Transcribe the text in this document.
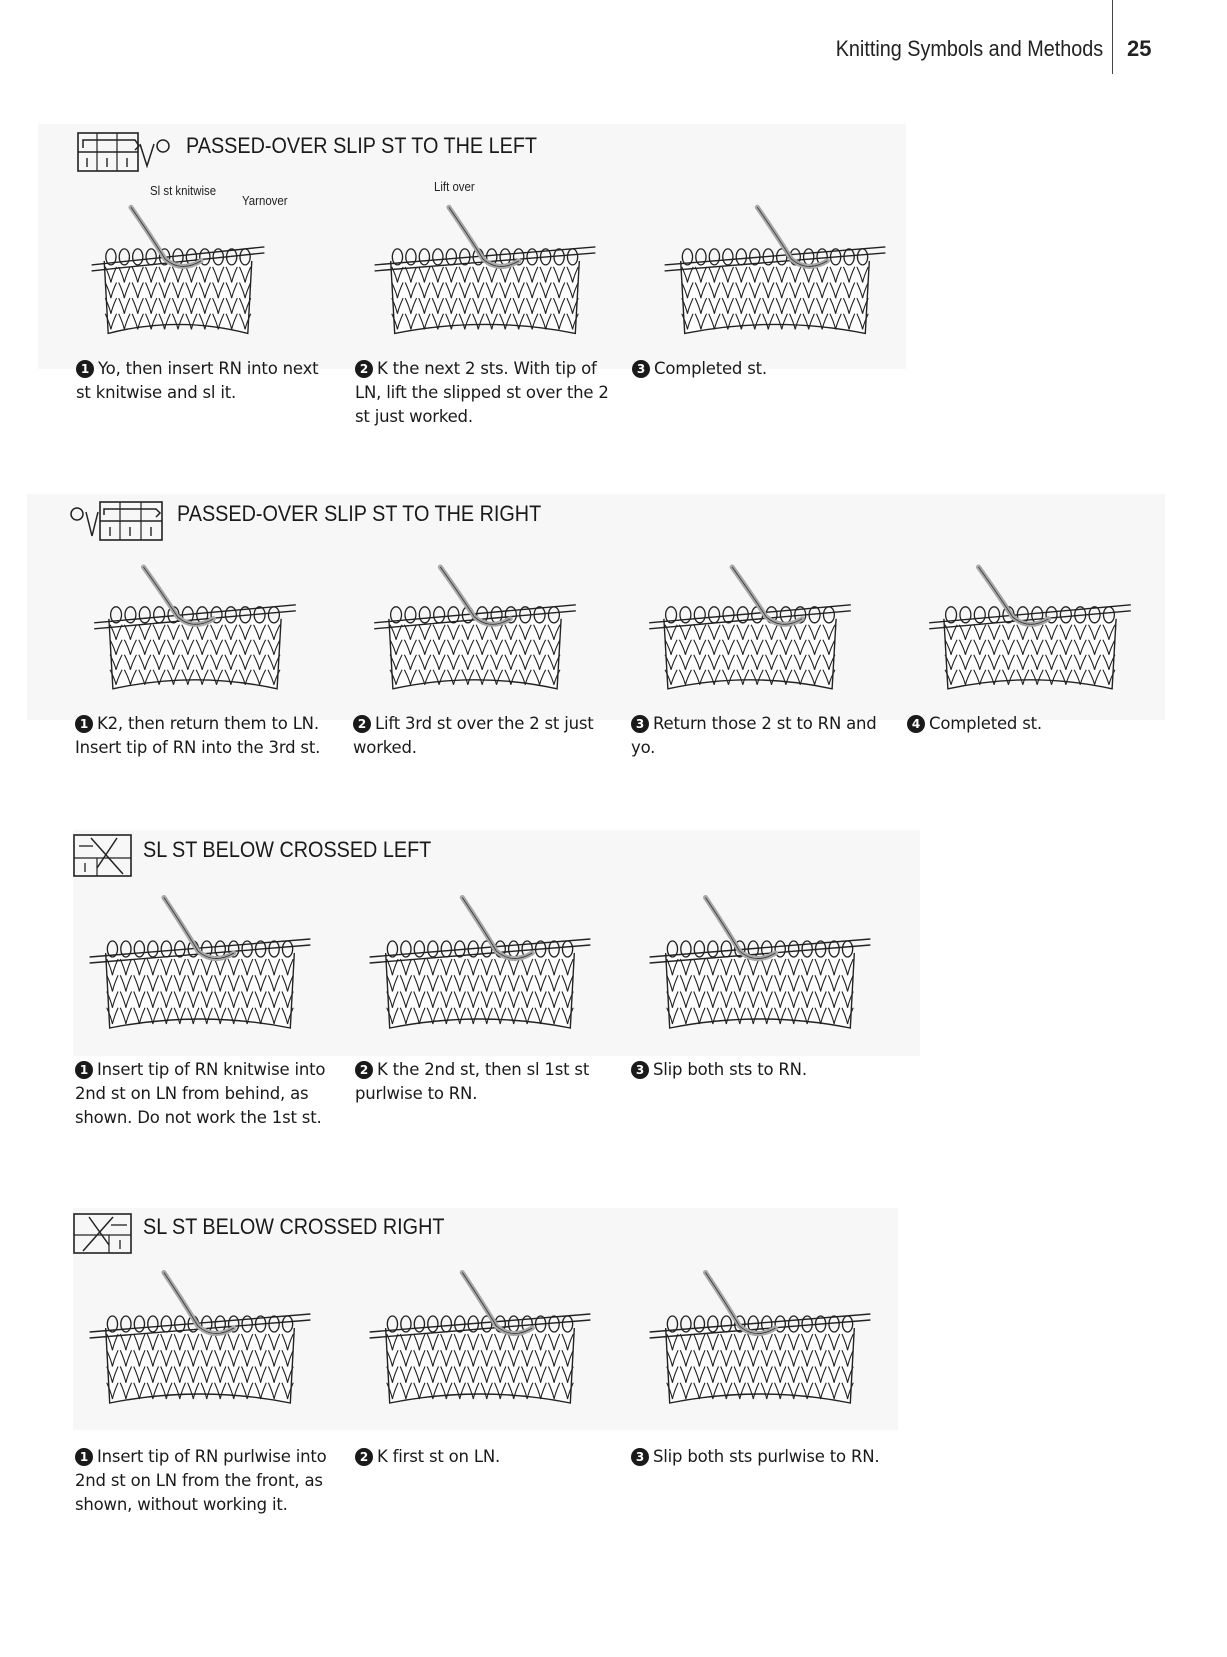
Knitting Symbols and Methods 25
PASSED-OVER SLIP ST TO THE LEFT
Sl st knitwise
Yarnover
Lift over
1 Yo, then insert RN into next st knitwise and sl it.
2 K the next 2 sts. With tip of LN, lift the slipped st over the 2 st just worked.
3 Completed st.
PASSED-OVER SLIP ST TO THE RIGHT
1 K2, then return them to LN. Insert tip of RN into the 3rd st.
2 Lift 3rd st over the 2 st just worked.
3 Return those 2 st to RN and yo.
4 Completed st.
SL ST BELOW CROSSED LEFT
1 Insert tip of RN knitwise into 2nd st on LN from behind, as shown. Do not work the 1st st.
2 K the 2nd st, then sl 1st st purlwise to RN.
3 Slip both sts to RN.
SL ST BELOW CROSSED RIGHT
1 Insert tip of RN purlwise into 2nd st on LN from the front, as shown, without working it.
2 K first st on LN.	3 Slip both sts purlwise to RN.
